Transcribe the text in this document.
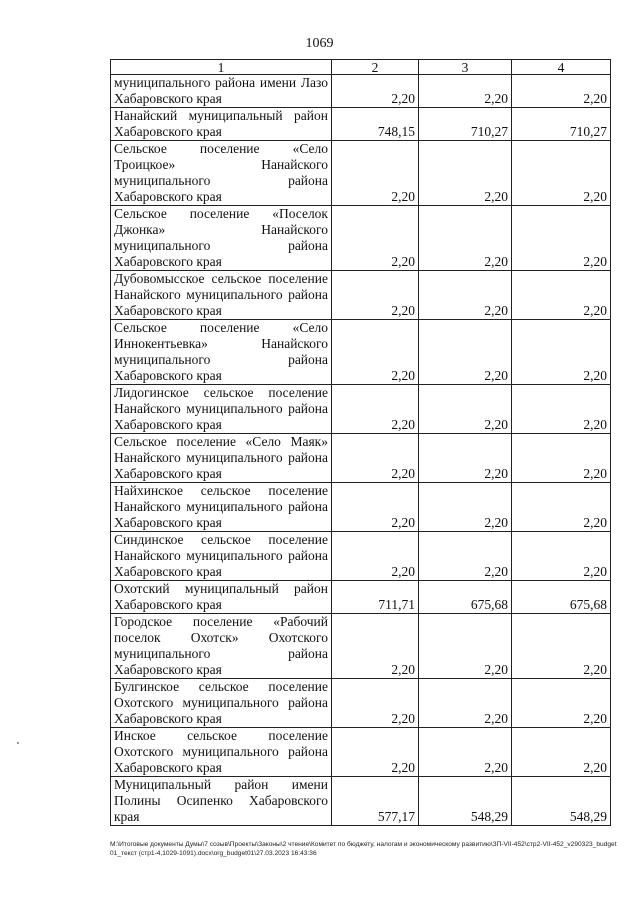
1069
1	2	3	4
муниципального района имени Лазо Хабаровского края	2,20	2,20	2,20
Нанайский муниципальный район Хабаровского края	748,15	710,27	710,27
Сельское поселение «Село Троицкое» Нанайского муниципального района Хабаровского края	2,20	2,20	2,20
Сельское поселение «Поселок Джонка» Нанайского муниципального района Хабаровского края	2,20	2,20	2,20
Дубовомысское сельское поселение Нанайского муниципального района Хабаровского края	2,20	2,20	2,20
Сельское поселение «Село Иннокентьевка» Нанайского муниципального района Хабаровского края	2,20	2,20	2,20
Лидогинское сельское поселение Нанайского муниципального района Хабаровского края	2,20	2,20	2,20
Сельское поселение «Село Маяк» Нанайского муниципального района Хабаровского края	2,20	2,20	2,20
Найхинское сельское поселение Нанайского муниципального района Хабаровского края	2,20	2,20	2,20
Синдинское сельское поселение Нанайского муниципального района Хабаровского края	2,20	2,20	2,20
Охотский муниципальный район Хабаровского края	711,71	675,68	675,68
Городское поселение «Рабочий поселок Охотск» Охотского муниципального района Хабаровского края	2,20	2,20	2,20
Булгинское сельское поселение Охотского муниципального района Хабаровского края	2,20	2,20	2,20
Инское сельское поселение Охотского муниципального района Хабаровского края	2,20	2,20	2,20
Муниципальный район имени Полины Осипенко Хабаровского края	577,17	548,29	548,29
М:\Итоговые документы Думы\7 созыв\Проекты\Законы\2 чтение\Комитет по бюджету, налогам и экономическому развитию\ЗП-VII-452\стр2-VII-452_v290323_budget01_текст (стр1-4,1029-1091).docx\org_budget01\27.03.2023 16:43:36
